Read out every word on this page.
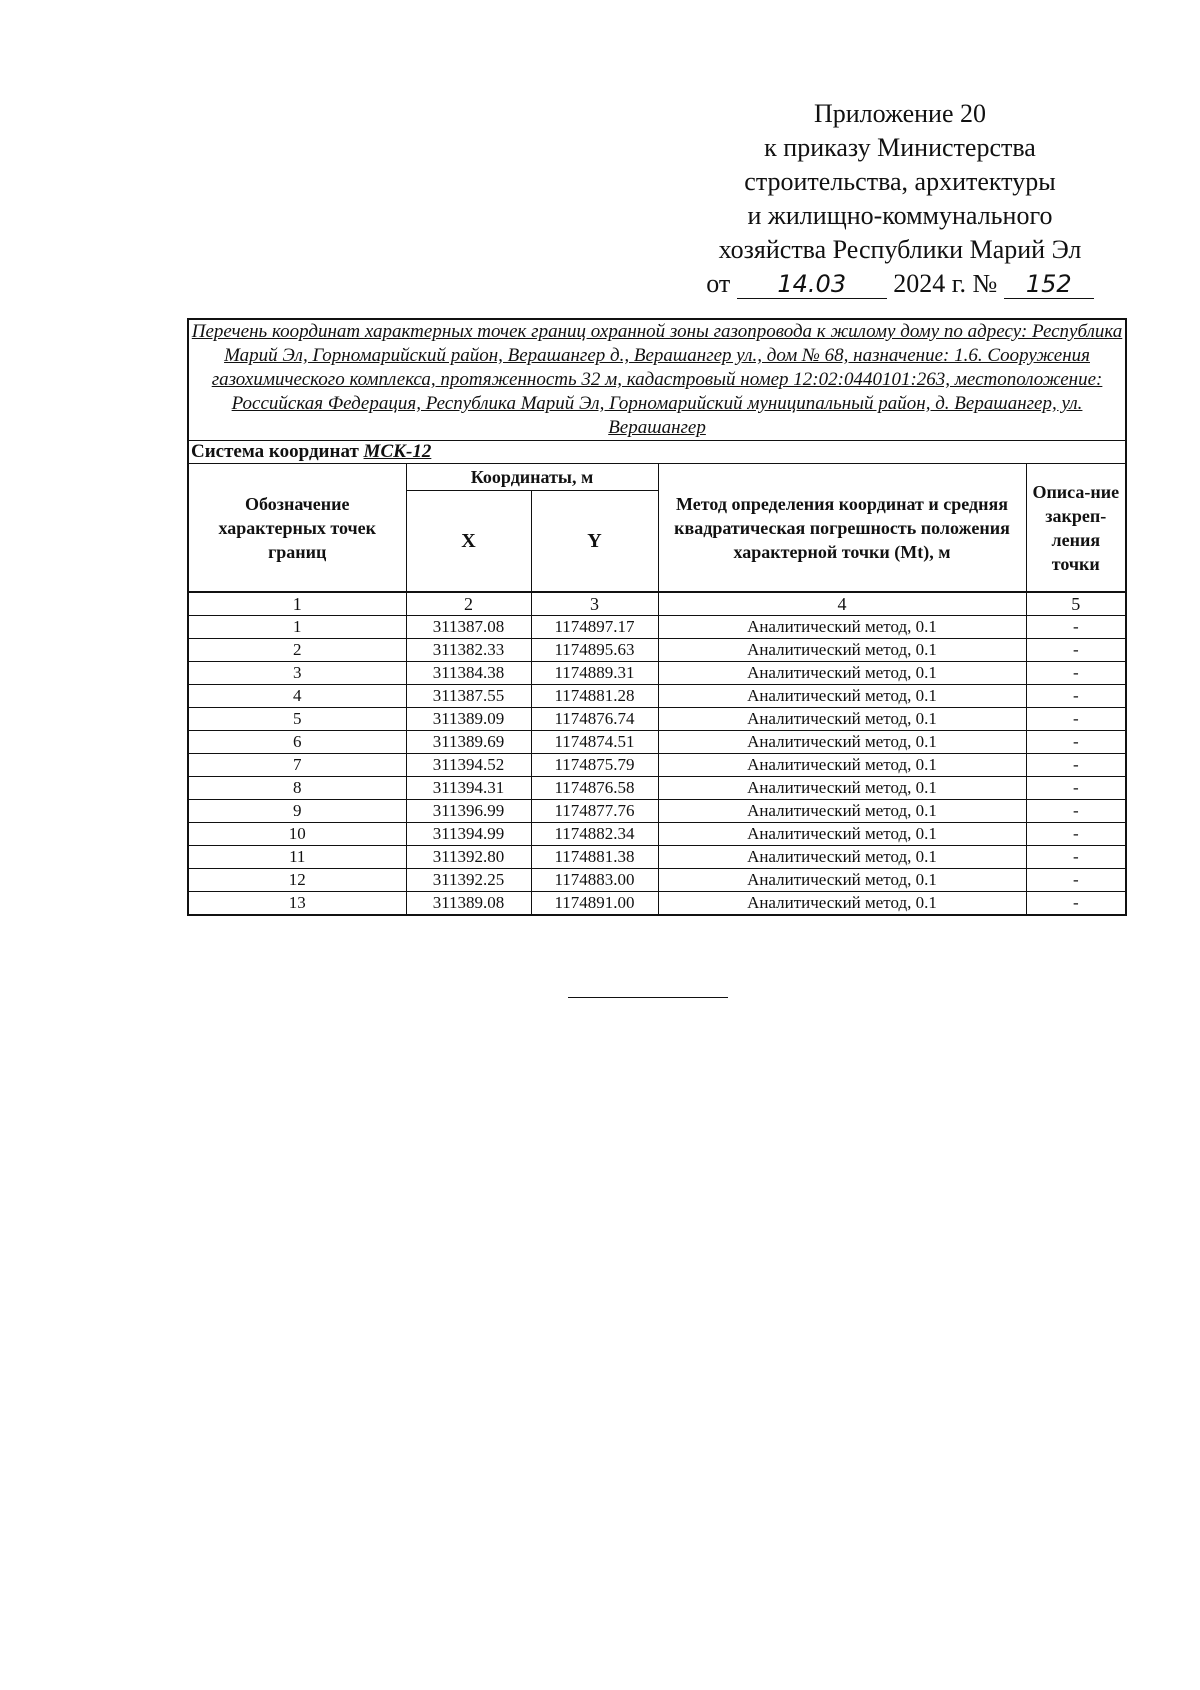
Приложение 20
к приказу Министерства
строительства, архитектуры
и жилищно-коммунального
хозяйства Республики Марий Эл
от 14.03 2024 г. № 152
Перечень координат характерных точек границ охранной зоны газопровода к жилому дому по адресу: Республика Марий Эл, Горномарийский район, Верашангер д., Верашангер ул., дом № 68, назначение: 1.6. Сооружения газохимического комплекса, протяженность 32 м, кадастровый номер 12:02:0440101:263, местоположение: Российская Федерация, Республика Марий Эл, Горномарийский муниципальный район, д. Верашангер, ул. Верашангер				
Система координат МСК-12				
Обозначение характерных точек границ	Координаты, м		Метод определения координат и средняя квадратическая погрешность положения характерной точки (Mt), м	Описа-ние закреп-ления точки
	X	Y		
1	2	3	4	5
1	311387.08	1174897.17	Аналитический метод, 0.1	-
2	311382.33	1174895.63	Аналитический метод, 0.1	-
3	311384.38	1174889.31	Аналитический метод, 0.1	-
4	311387.55	1174881.28	Аналитический метод, 0.1	-
5	311389.09	1174876.74	Аналитический метод, 0.1	-
6	311389.69	1174874.51	Аналитический метод, 0.1	-
7	311394.52	1174875.79	Аналитический метод, 0.1	-
8	311394.31	1174876.58	Аналитический метод, 0.1	-
9	311396.99	1174877.76	Аналитический метод, 0.1	-
10	311394.99	1174882.34	Аналитический метод, 0.1	-
11	311392.80	1174881.38	Аналитический метод, 0.1	-
12	311392.25	1174883.00	Аналитический метод, 0.1	-
13	311389.08	1174891.00	Аналитический метод, 0.1	-
